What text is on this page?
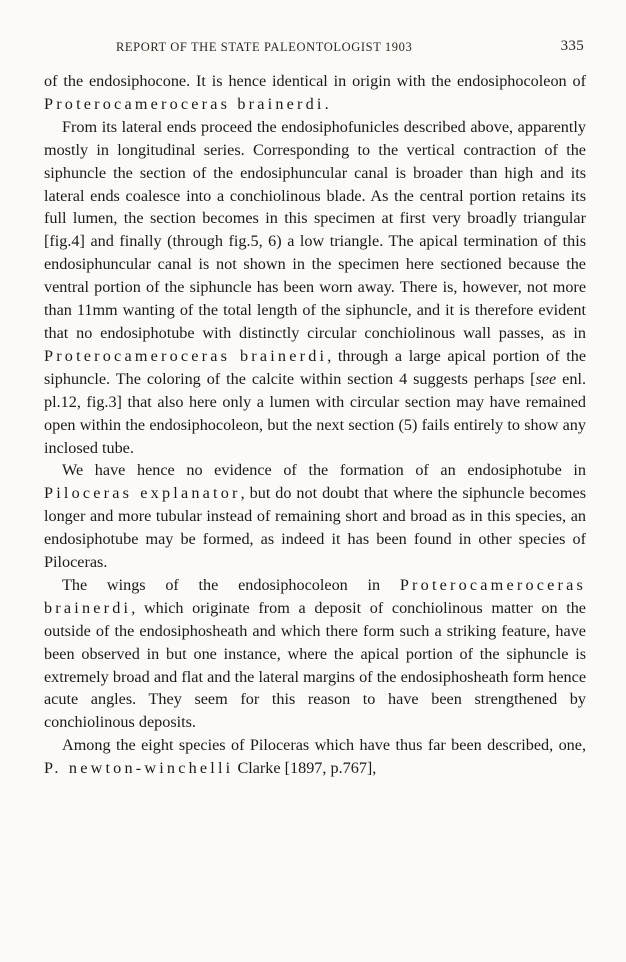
REPORT OF THE STATE PALEONTOLOGIST 1903	335

of the endosiphocone. It is hence identical in origin with the endosiphocoleon of Proterocameroceras brainerdi.

From its lateral ends proceed the endosiphofunicles described above, apparently mostly in longitudinal series. Corresponding to the vertical contraction of the siphuncle the section of the endosiphuncular canal is broader than high and its lateral ends coalesce into a conchiolinous blade. As the central portion retains its full lumen, the section becomes in this specimen at first very broadly triangular [fig.4] and finally (through fig.5, 6) a low triangle. The apical termination of this endosiphuncular canal is not shown in the specimen here sectioned because the ventral portion of the siphuncle has been worn away. There is, however, not more than 11mm wanting of the total length of the siphuncle, and it is therefore evident that no endosiphotube with distinctly circular conchiolinous wall passes, as in Proterocameroceras brainerdi, through a large apical portion of the siphuncle. The coloring of the calcite within section 4 suggests perhaps [see enl. pl.12, fig.3] that also here only a lumen with circular section may have remained open within the endosiphocoleon, but the next section (5) fails entirely to show any inclosed tube.

We have hence no evidence of the formation of an endosiphotube in Piloceras explanator, but do not doubt that where the siphuncle becomes longer and more tubular instead of remaining short and broad as in this species, an endosiphotube may be formed, as indeed it has been found in other species of Piloceras.

The wings of the endosiphocoleon in Proterocameroceras brainerdi, which originate from a deposit of conchiolinous matter on the outside of the endosiphosheath and which there form such a striking feature, have been observed in but one instance, where the apical portion of the siphuncle is extremely broad and flat and the lateral margins of the endosiphosheath form hence acute angles. They seem for this reason to have been strengthened by conchiolinous deposits.

Among the eight species of Piloceras which have thus far been described, one, P. newton-winchelli Clarke [1897, p.767],
